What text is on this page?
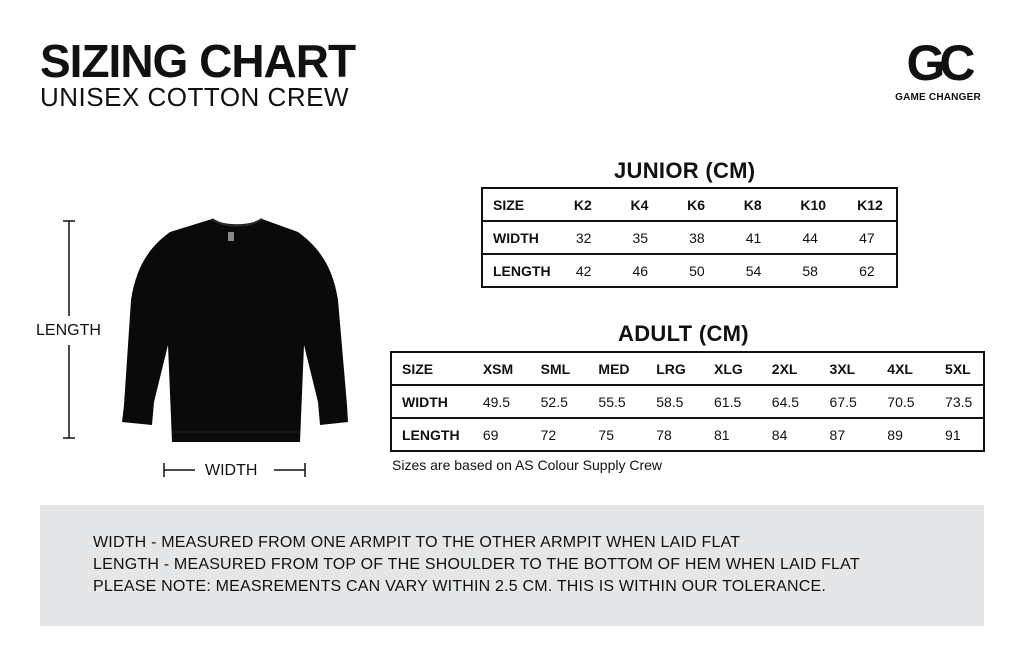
SIZING CHART
UNISEX COTTON CREW
GC
GAME CHANGER
LENGTH
WIDTH
JUNIOR (CM)
SIZE	K2	K4	K6	K8	K10	K12
WIDTH	32	35	38	41	44	47
LENGTH	42	46	50	54	58	62
ADULT (CM)
SIZE	XSM	SML	MED	LRG	XLG	2XL	3XL	4XL	5XL
WIDTH	49.5	52.5	55.5	58.5	61.5	64.5	67.5	70.5	73.5
LENGTH	69	72	75	78	81	84	87	89	91
Sizes are based on AS Colour Supply Crew
WIDTH - MEASURED FROM ONE ARMPIT TO THE OTHER ARMPIT WHEN LAID FLAT
LENGTH - MEASURED FROM TOP OF THE SHOULDER TO THE BOTTOM OF HEM WHEN LAID FLAT
PLEASE NOTE: MEASREMENTS CAN VARY WITHIN 2.5 CM. THIS IS WITHIN OUR TOLERANCE.
